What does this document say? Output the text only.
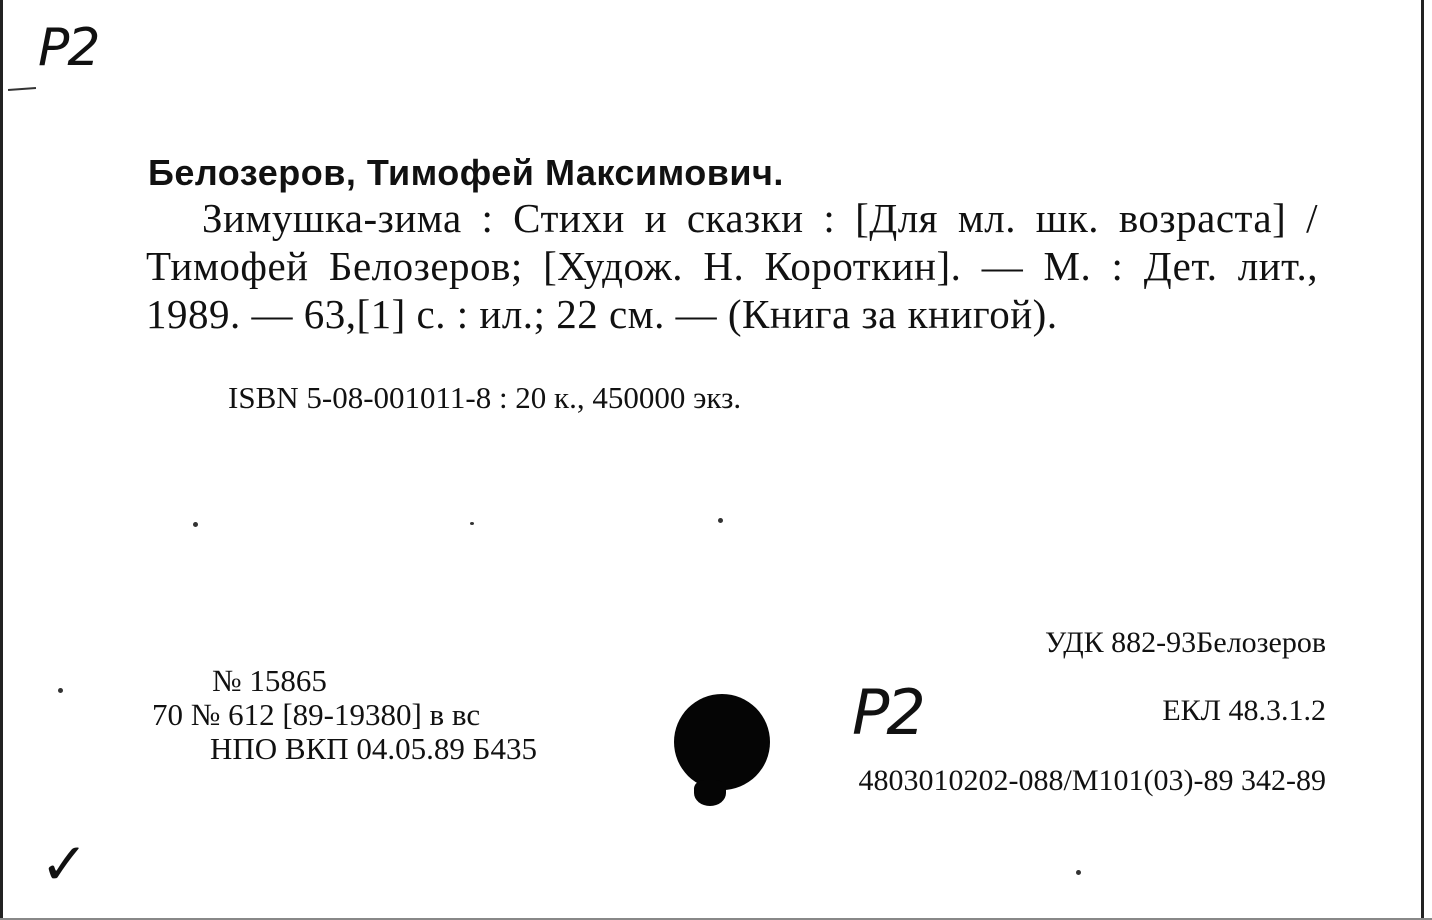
P2
Белозеров, Тимофей Максимович.
Зимушка-зима : Стихи и сказки : [Для мл. шк. возраста] / Тимофей Белозеров; [Худож. Н. Короткин]. — М. : Дет. лит., 1989. — 63,[1] с. : ил.; 22 см. — (Книга за книгой).
ISBN 5-08-001011-8 : 20 к., 450000 экз.
УДК 882-93Белозеров
ЕКЛ 48.3.1.2
4803010202-088/М101(03)-89 342-89
№ 15865
70 № 612 [89-19380] в вс
НПО ВКП 04.05.89 Б435	P2
✓
